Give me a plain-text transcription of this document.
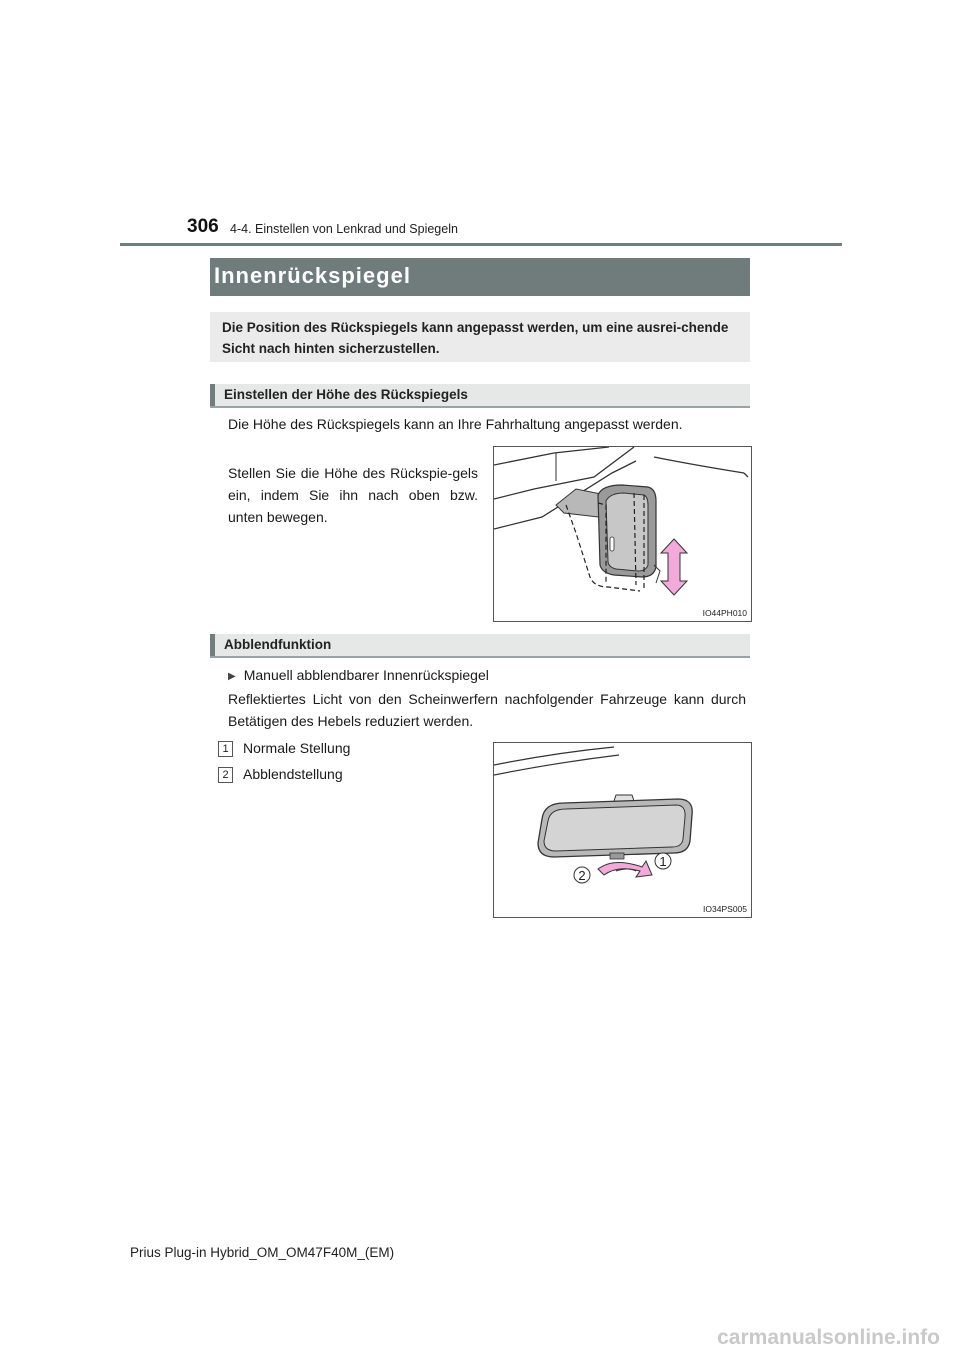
306 4-4. Einstellen von Lenkrad und Spiegeln
Innenrückspiegel
Die Position des Rückspiegels kann angepasst werden, um eine ausrei-chende Sicht nach hinten sicherzustellen.
Einstellen der Höhe des Rückspiegels
Die Höhe des Rückspiegels kann an Ihre Fahrhaltung angepasst werden.
Stellen Sie die Höhe des Rückspie-gels ein, indem Sie ihn nach oben bzw. unten bewegen.
IO44PH010
Abblendfunktion
▶ Manuell abblendbarer Innenrückspiegel
Reflektiertes Licht von den Scheinwerfern nachfolgender Fahrzeuge kann durch Betätigen des Hebels reduziert werden.
1 Normale Stellung
2 Abblendstellung
1
2
IO34PS005
Prius Plug-in Hybrid_OM_OM47F40M_(EM)
carmanualsonline.info
